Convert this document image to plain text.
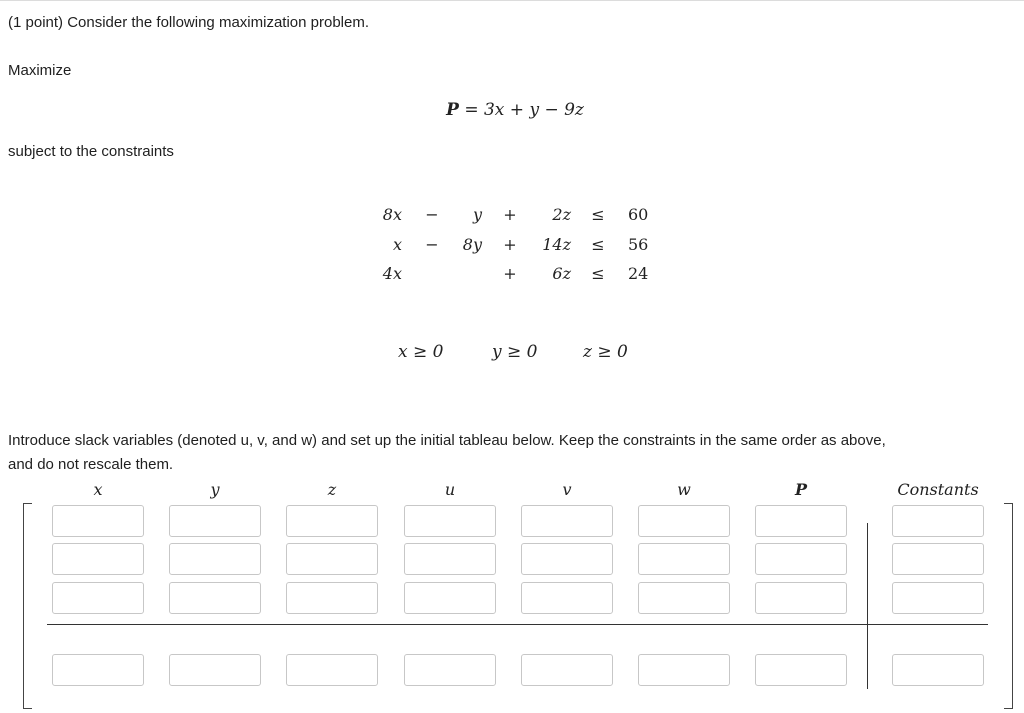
(1 point) Consider the following maximization problem.
Maximize
P = 3x + y − 9z
subject to the constraints
8x −	y +	2z ≤ 60
x −	8y +	14z ≤ 56
4x	+	6z ≤ 24
x ≥ 0	y ≥ 0	z ≥ 0
Introduce slack variables (denoted u, v, and w) and set up the initial tableau below. Keep the constraints in the same order as above,
and do not rescale them.
x	y	z	u	v	w	P	Constants
